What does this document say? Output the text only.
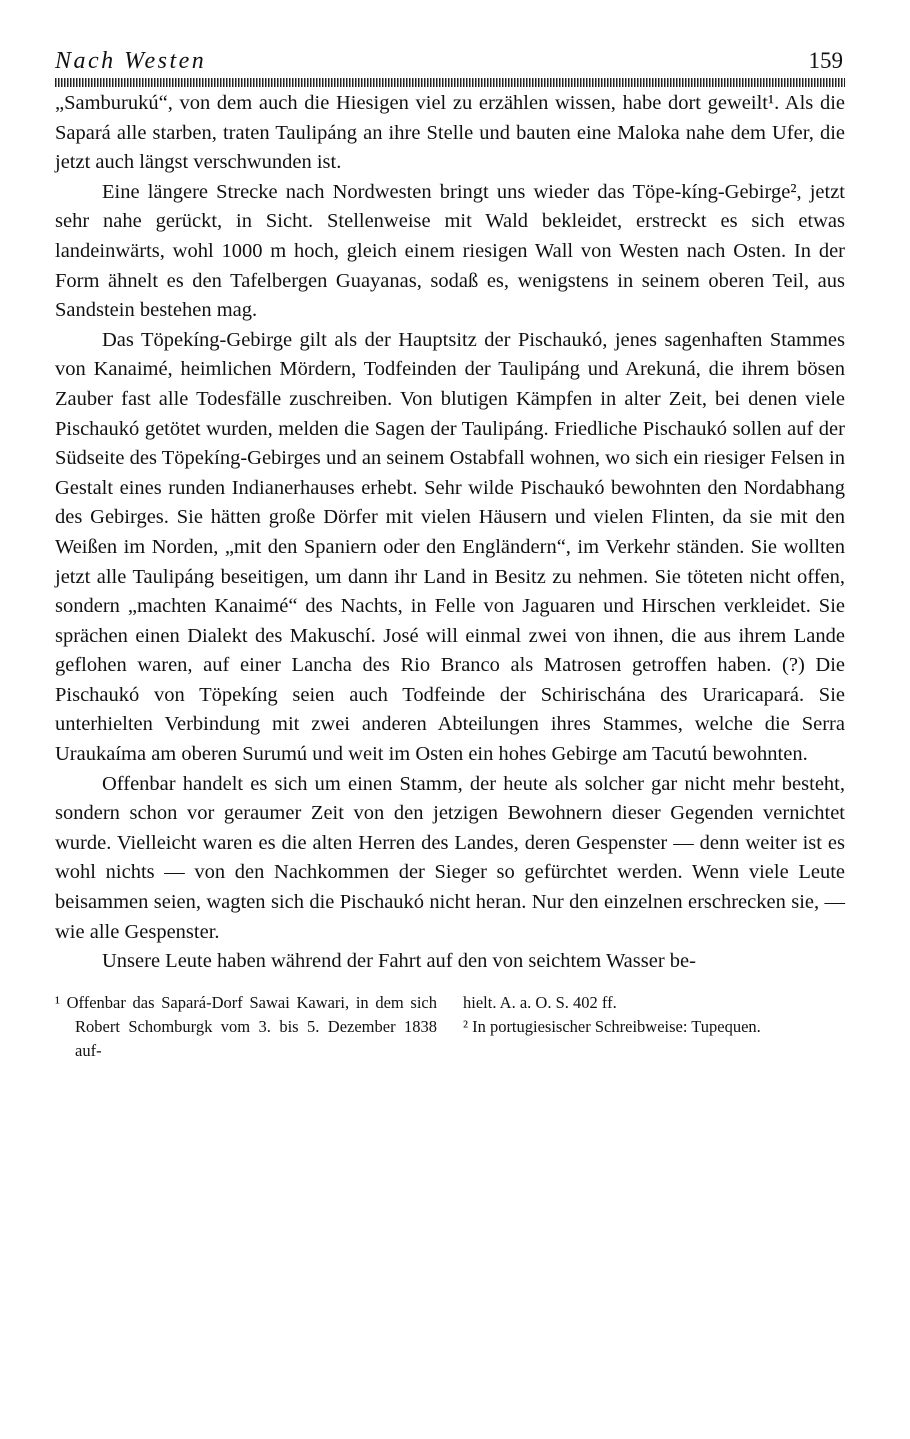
Nach Westen	159

„Samburukú“, von dem auch die Hiesigen viel zu erzählen wissen, habe dort geweilt¹. Als die Sapará alle starben, traten Taulipáng an ihre Stelle und bauten eine Maloka nahe dem Ufer, die jetzt auch längst verschwunden ist.

Eine längere Strecke nach Nordwesten bringt uns wieder das Töpe-kíng-Gebirge², jetzt sehr nahe gerückt, in Sicht. Stellenweise mit Wald bekleidet, erstreckt es sich etwas landeinwärts, wohl 1000 m hoch, gleich einem riesigen Wall von Westen nach Osten. In der Form ähnelt es den Tafelbergen Guayanas, sodaß es, wenigstens in seinem oberen Teil, aus Sandstein bestehen mag.

Das Töpekíng-Gebirge gilt als der Hauptsitz der Pischaukó, jenes sagenhaften Stammes von Kanaimé, heimlichen Mördern, Todfeinden der Taulipáng und Arekuná, die ihrem bösen Zauber fast alle Todesfälle zuschreiben. Von blutigen Kämpfen in alter Zeit, bei denen viele Pischaukó getötet wurden, melden die Sagen der Taulipáng. Friedliche Pischaukó sollen auf der Südseite des Töpekíng-Gebirges und an seinem Ostabfall wohnen, wo sich ein riesiger Felsen in Gestalt eines runden Indianerhauses erhebt. Sehr wilde Pischaukó bewohnten den Nordabhang des Gebirges. Sie hätten große Dörfer mit vielen Häusern und vielen Flinten, da sie mit den Weißen im Norden, „mit den Spaniern oder den Engländern“, im Verkehr ständen. Sie wollten jetzt alle Taulipáng beseitigen, um dann ihr Land in Besitz zu nehmen. Sie töteten nicht offen, sondern „machten Kanaimé“ des Nachts, in Felle von Jaguaren und Hirschen verkleidet. Sie sprächen einen Dialekt des Makuschí. José will einmal zwei von ihnen, die aus ihrem Lande geflohen waren, auf einer Lancha des Rio Branco als Matrosen getroffen haben. (?) Die Pischaukó von Töpekíng seien auch Todfeinde der Schirischána des Uraricapará. Sie unterhielten Verbindung mit zwei anderen Abteilungen ihres Stammes, welche die Serra Uraukaíma am oberen Surumú und weit im Osten ein hohes Gebirge am Tacutú bewohnten.

Offenbar handelt es sich um einen Stamm, der heute als solcher gar nicht mehr besteht, sondern schon vor geraumer Zeit von den jetzigen Bewohnern dieser Gegenden vernichtet wurde. Vielleicht waren es die alten Herren des Landes, deren Gespenster — denn weiter ist es wohl nichts — von den Nachkommen der Sieger so gefürchtet werden. Wenn viele Leute beisammen seien, wagten sich die Pischaukó nicht heran. Nur den einzelnen erschrecken sie, — wie alle Gespenster.

Unsere Leute haben während der Fahrt auf den von seichtem Wasser be-

¹ Offenbar das Sapará-Dorf Sawai Kawari, in dem sich Robert Schomburgk vom 3. bis 5. Dezember 1838 auf-

hielt. A. a. O. S. 402 ff.

² In portugiesischer Schreibweise: Tupequen.
